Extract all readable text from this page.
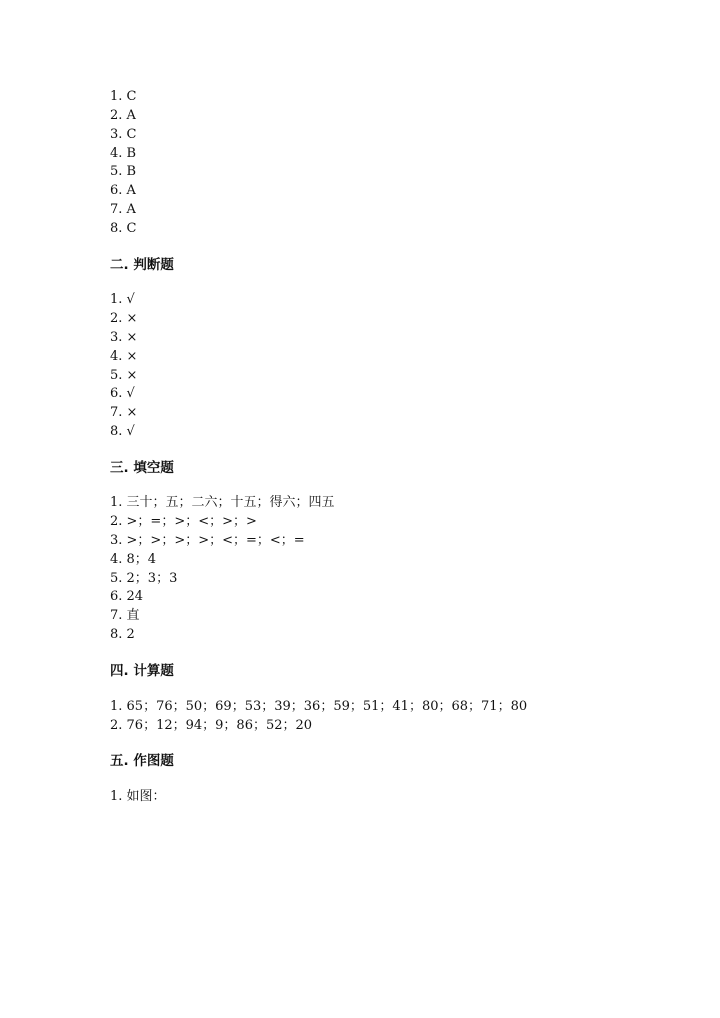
1. C
2. A
3. C
4. B
5. B
6. A
7. A
8. C
二. 判断题
1. √
2. ×
3. ×
4. ×
5. ×
6. √
7. ×
8. √
三. 填空题
1. 三十；五；二六；十五；得六；四五
2. >；=；>；<；>；>
3. >；>；>；>；<；=；<；=
4. 8；4
5. 2；3；3
6. 24
7. 直
8. 2
四. 计算题
1. 65；76；50；69；53；39；36；59；51；41；80；68；71；80
2. 76；12；94；9；86；52；20
五. 作图题
1. 如图：
